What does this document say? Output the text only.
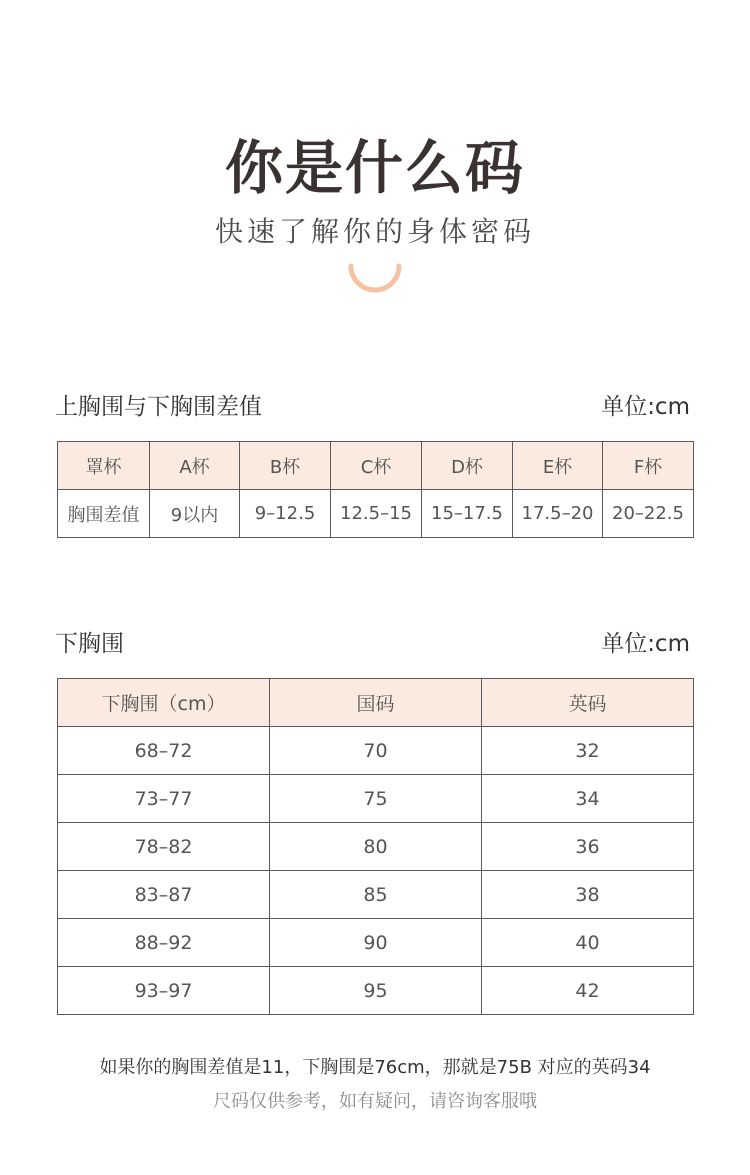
你是什么码
快速了解你的身体密码
上胸围与下胸围差值	单位:cm
罩杯	A杯	B杯	C杯	D杯	E杯	F杯
胸围差值	9以内	9–12.5	12.5–15	15–17.5	17.5–20	20–22.5
下胸围	单位:cm
下胸围（cm）	国码	英码
68–72	70	32
73–77	75	34
78–82	80	36
83–87	85	38
88–92	90	40
93–97	95	42
如果你的胸围差值是11，下胸围是76cm，那就是75B 对应的英码34
尺码仅供参考，如有疑问，请咨询客服哦
